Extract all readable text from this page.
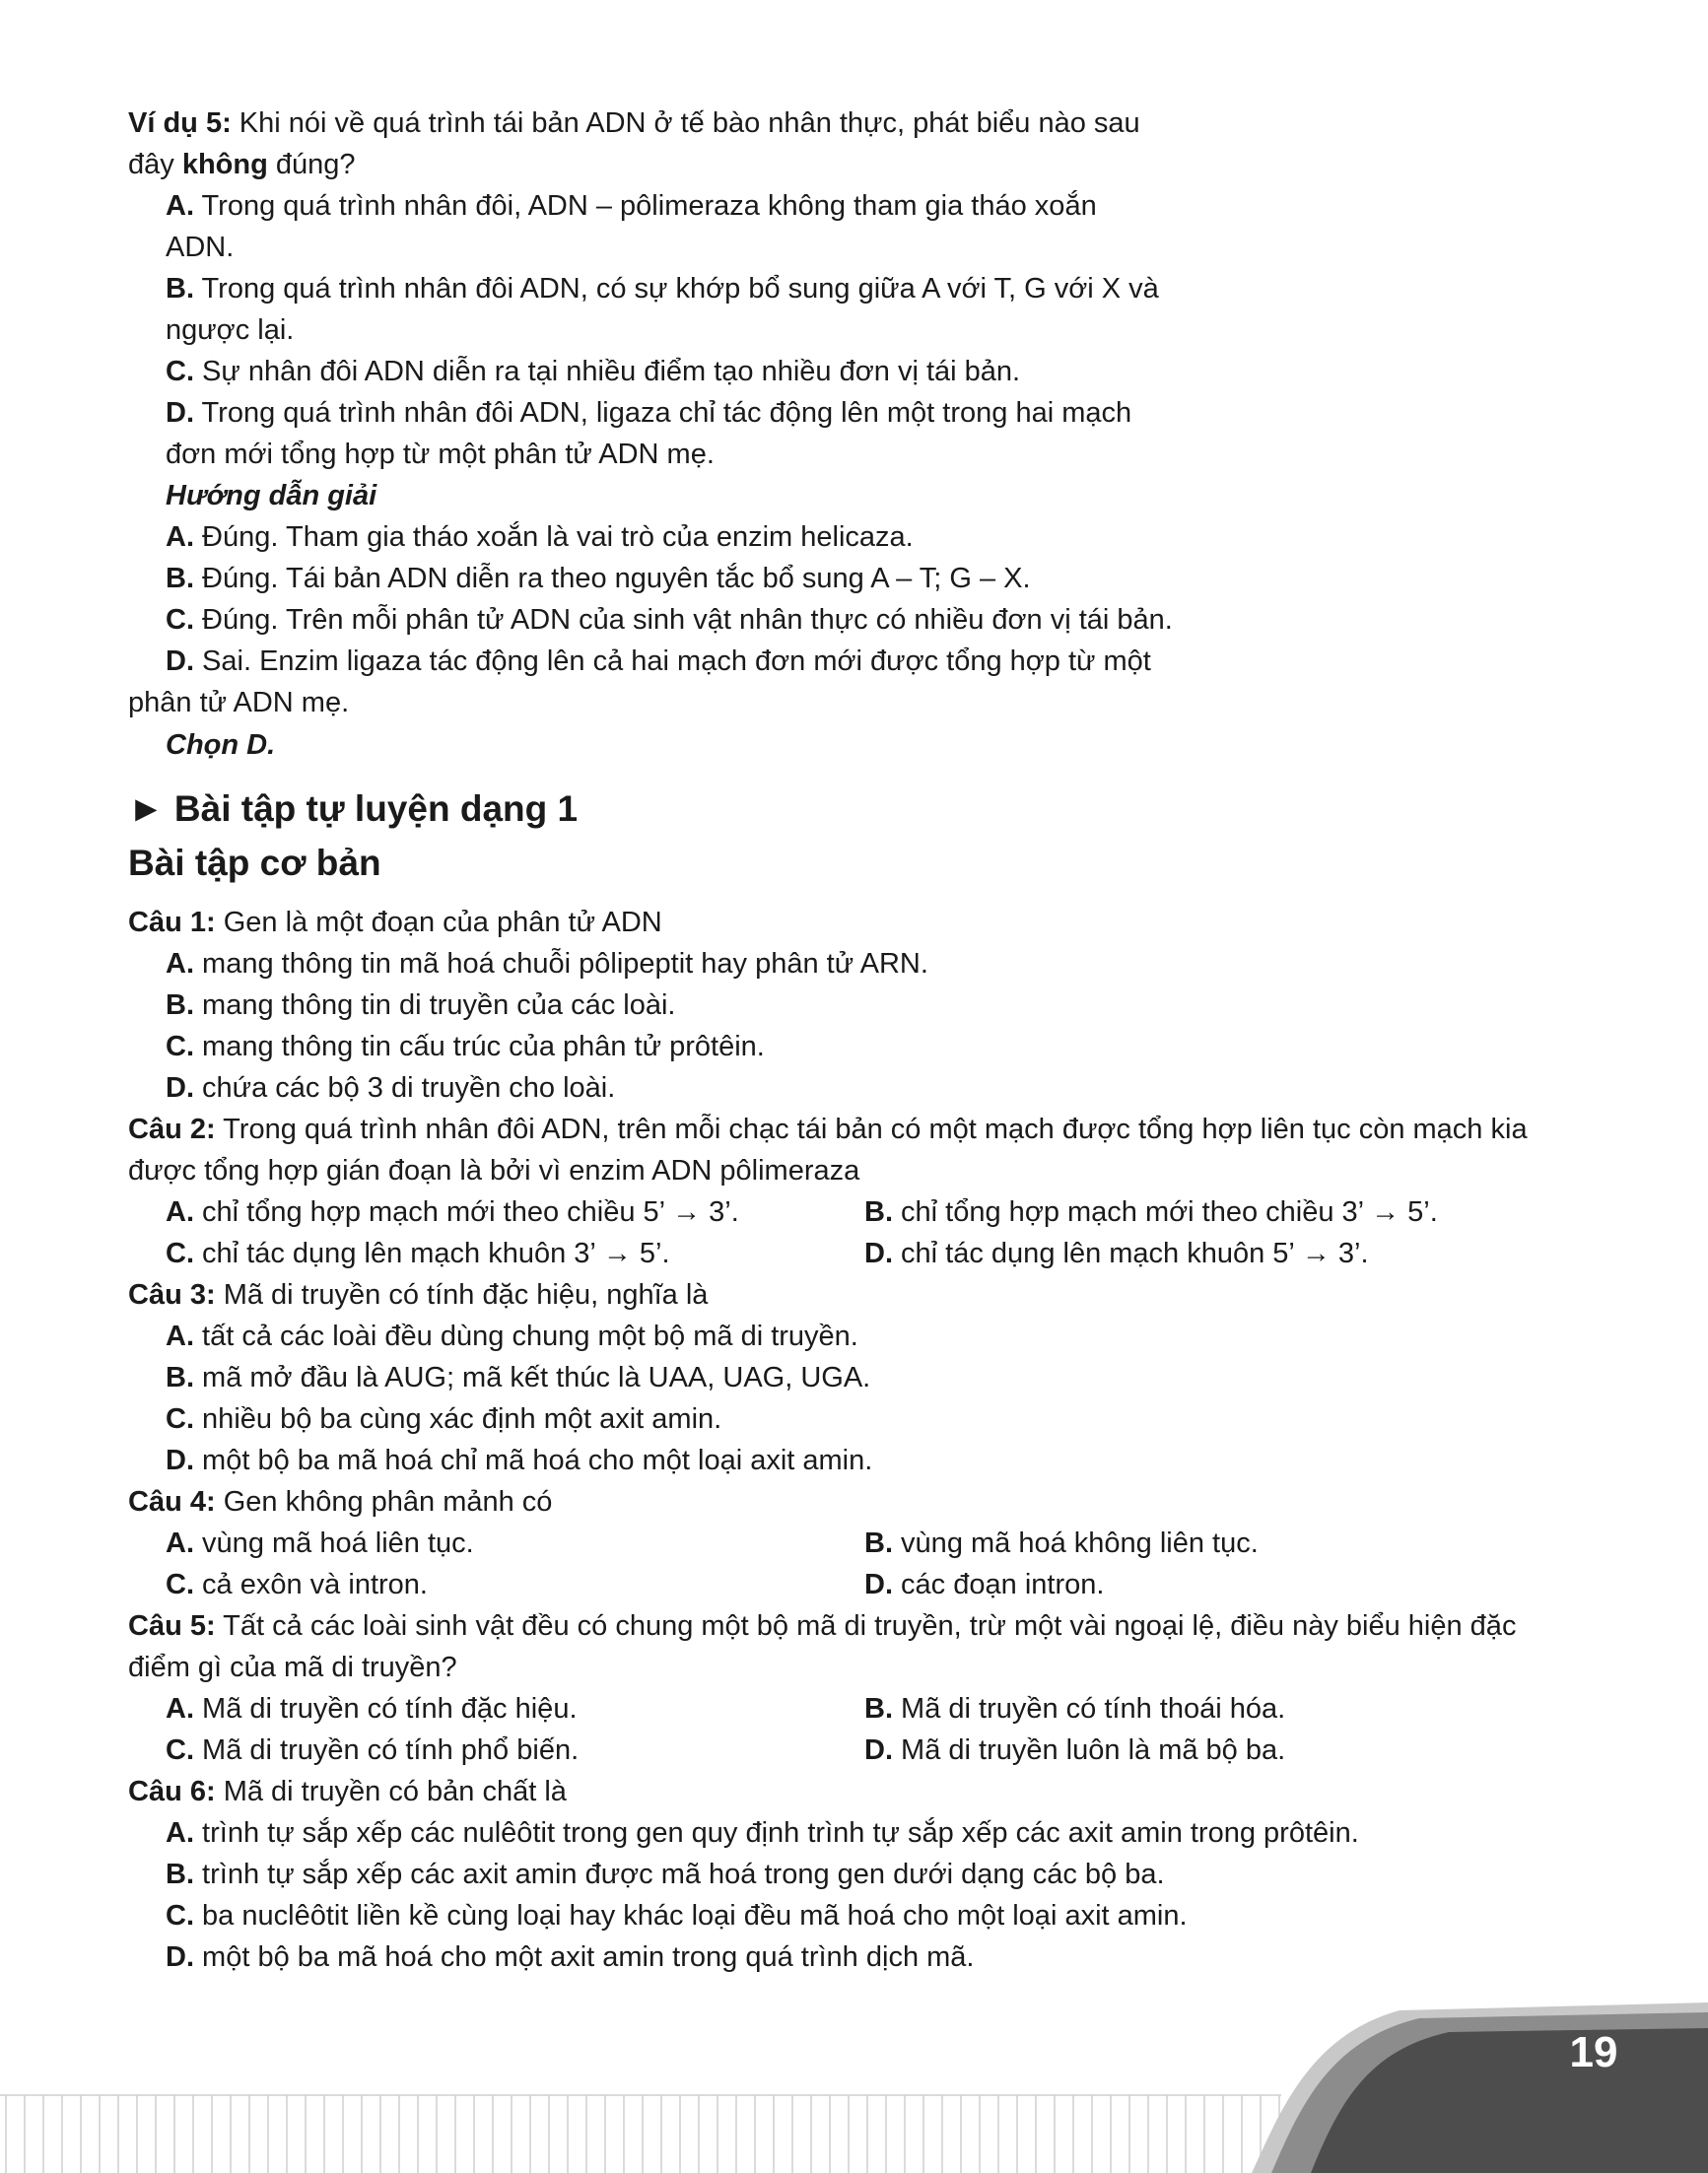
Ví dụ 5: Khi nói về quá trình tái bản ADN ở tế bào nhân thực, phát biểu nào sau
đây không đúng?
A. Trong quá trình nhân đôi, ADN – pôlimeraza không tham gia tháo xoắn
ADN.
B. Trong quá trình nhân đôi ADN, có sự khớp bổ sung giữa A với T, G với X và
ngược lại.
C. Sự nhân đôi ADN diễn ra tại nhiều điểm tạo nhiều đơn vị tái bản.
D. Trong quá trình nhân đôi ADN, ligaza chỉ tác động lên một trong hai mạch
đơn mới tổng hợp từ một phân tử ADN mẹ.
Hướng dẫn giải
A. Đúng. Tham gia tháo xoắn là vai trò của enzim helicaza.
B. Đúng. Tái bản ADN diễn ra theo nguyên tắc bổ sung A – T; G – X.
C. Đúng. Trên mỗi phân tử ADN của sinh vật nhân thực có nhiều đơn vị tái bản.
D. Sai. Enzim ligaza tác động lên cả hai mạch đơn mới được tổng hợp từ một
phân tử ADN mẹ.
Chọn D.
► Bài tập tự luyện dạng 1
Bài tập cơ bản
Câu 1: Gen là một đoạn của phân tử ADN
A. mang thông tin mã hoá chuỗi pôlipeptit hay phân tử ARN.
B. mang thông tin di truyền của các loài.
C. mang thông tin cấu trúc của phân tử prôtêin.
D. chứa các bộ 3 di truyền cho loài.
Câu 2: Trong quá trình nhân đôi ADN, trên mỗi chạc tái bản có một mạch được tổng hợp liên tục còn mạch kia
được tổng hợp gián đoạn là bởi vì enzim ADN pôlimeraza
A. chỉ tổng hợp mạch mới theo chiều 5’ → 3’.	B. chỉ tổng hợp mạch mới theo chiều 3’ → 5’.
C. chỉ tác dụng lên mạch khuôn 3’ → 5’.	D. chỉ tác dụng lên mạch khuôn 5’ → 3’.
Câu 3: Mã di truyền có tính đặc hiệu, nghĩa là
A. tất cả các loài đều dùng chung một bộ mã di truyền.
B. mã mở đầu là AUG; mã kết thúc là UAA, UAG, UGA.
C. nhiều bộ ba cùng xác định một axit amin.
D. một bộ ba mã hoá chỉ mã hoá cho một loại axit amin.
Câu 4: Gen không phân mảnh có
A. vùng mã hoá liên tục.	B. vùng mã hoá không liên tục.
C. cả exôn và intron.	D. các đoạn intron.
Câu 5: Tất cả các loài sinh vật đều có chung một bộ mã di truyền, trừ một vài ngoại lệ, điều này biểu hiện đặc
điểm gì của mã di truyền?
A. Mã di truyền có tính đặc hiệu.	B. Mã di truyền có tính thoái hóa.
C. Mã di truyền có tính phổ biến.	D. Mã di truyền luôn là mã bộ ba.
Câu 6: Mã di truyền có bản chất là
A. trình tự sắp xếp các nulêôtit trong gen quy định trình tự sắp xếp các axit amin trong prôtêin.
B. trình tự sắp xếp các axit amin được mã hoá trong gen dưới dạng các bộ ba.
C. ba nuclêôtit liền kề cùng loại hay khác loại đều mã hoá cho một loại axit amin.
D. một bộ ba mã hoá cho một axit amin trong quá trình dịch mã.
19
